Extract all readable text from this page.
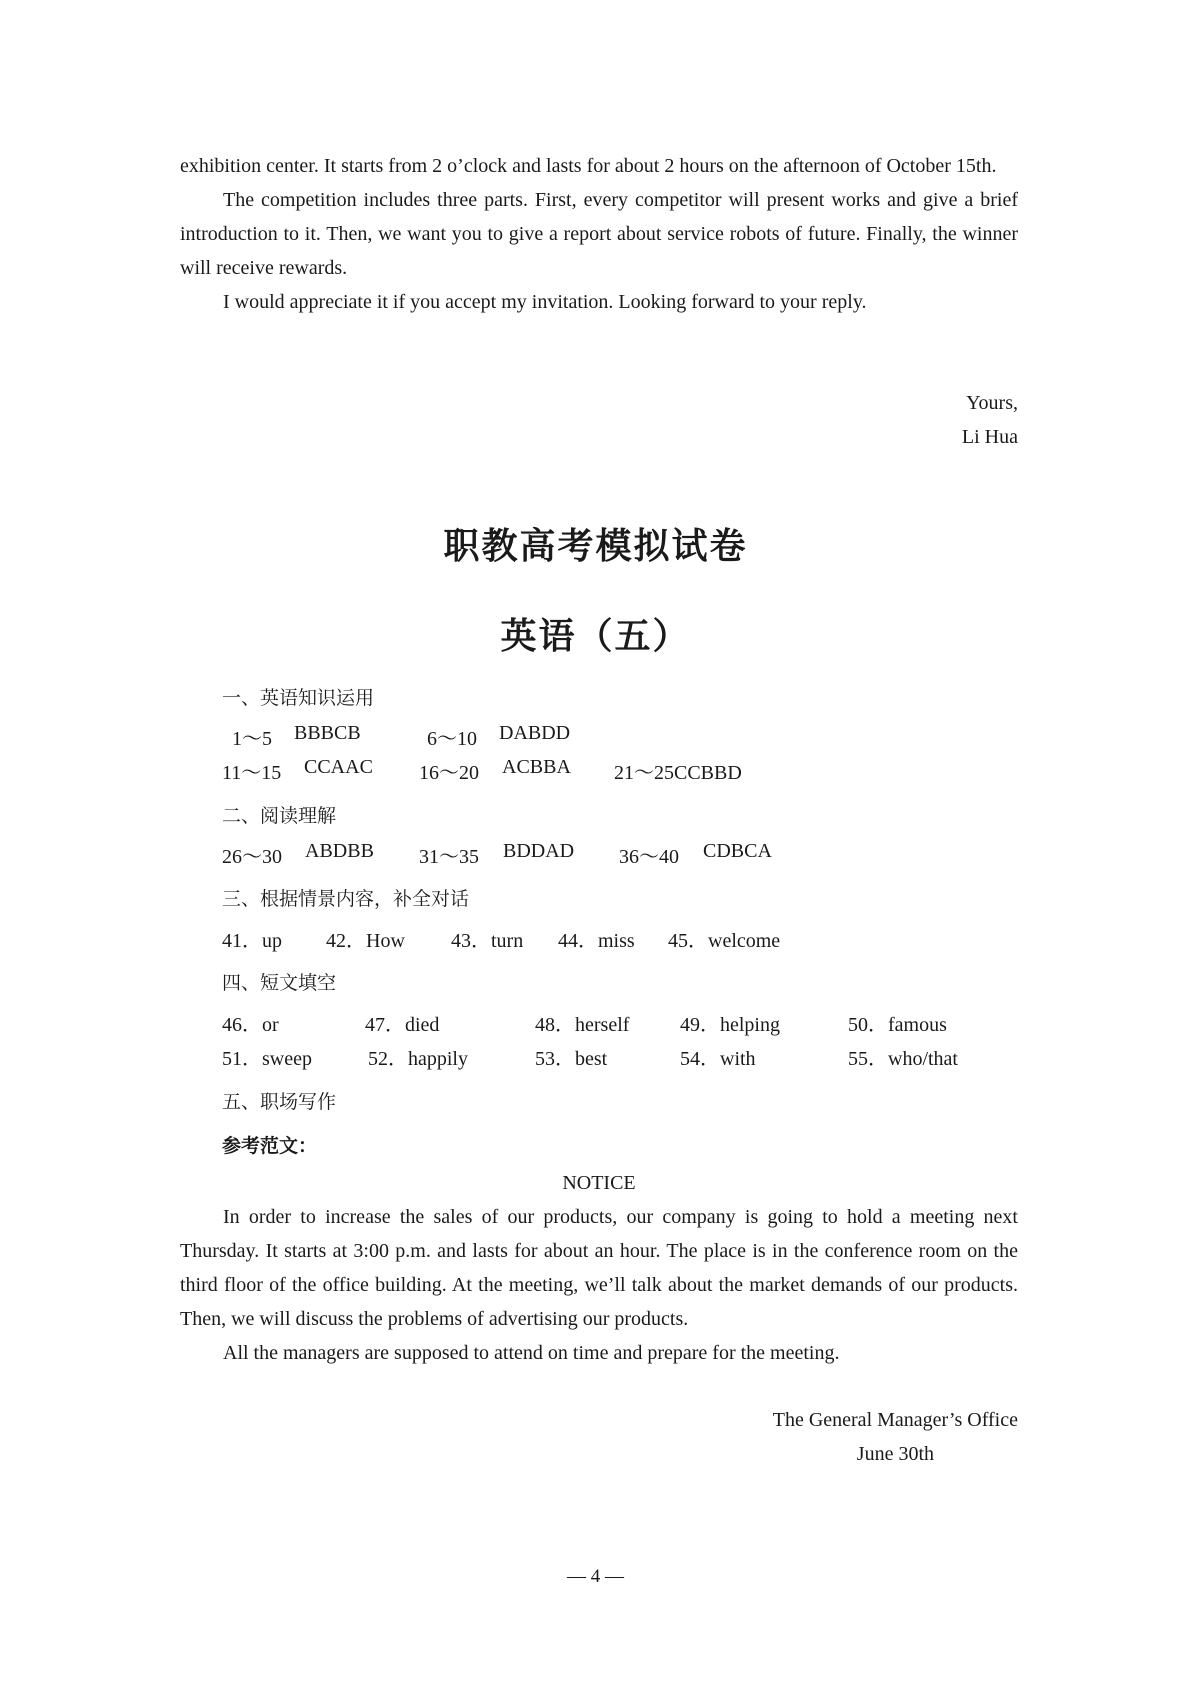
exhibition center. It starts from 2 o’clock and lasts for about 2 hours on the afternoon of October 15th.

The competition includes three parts. First, every competitor will present works and give a brief introduction to it. Then, we want you to give a report about service robots of future. Finally, the winner will receive rewards.

I would appreciate it if you accept my invitation. Looking forward to your reply.

Yours,

Li Hua

职教高考模拟试卷
英语（五）
一、英语知识运用
1～5 BBBCB	6～10 DABDD
11～15 CCAAC 16～20 ACBBA 21～25CCBBD
二、阅读理解
26～30 ABDBB 31～35 BDDAD 36～40 CDBCA
三、根据情景内容，补全对话
41．up 42．How 43．turn 44．miss 45．welcome
四、短文填空
46．or	47．died	48．herself	49．helping	50．famous
51．sweep	52．happily	53．best	54．with	55．who/that
五、职场写作
参考范文：

NOTICE

In order to increase the sales of our products, our company is going to hold a meeting next Thursday. It starts at 3:00 p.m. and lasts for about an hour. The place is in the conference room on the third floor of the office building. At the meeting, we’ll talk about the market demands of our products. Then, we will discuss the problems of advertising our products.

All the managers are supposed to attend on time and prepare for the meeting.

The General Manager’s Office

June 30th

— 4 —
